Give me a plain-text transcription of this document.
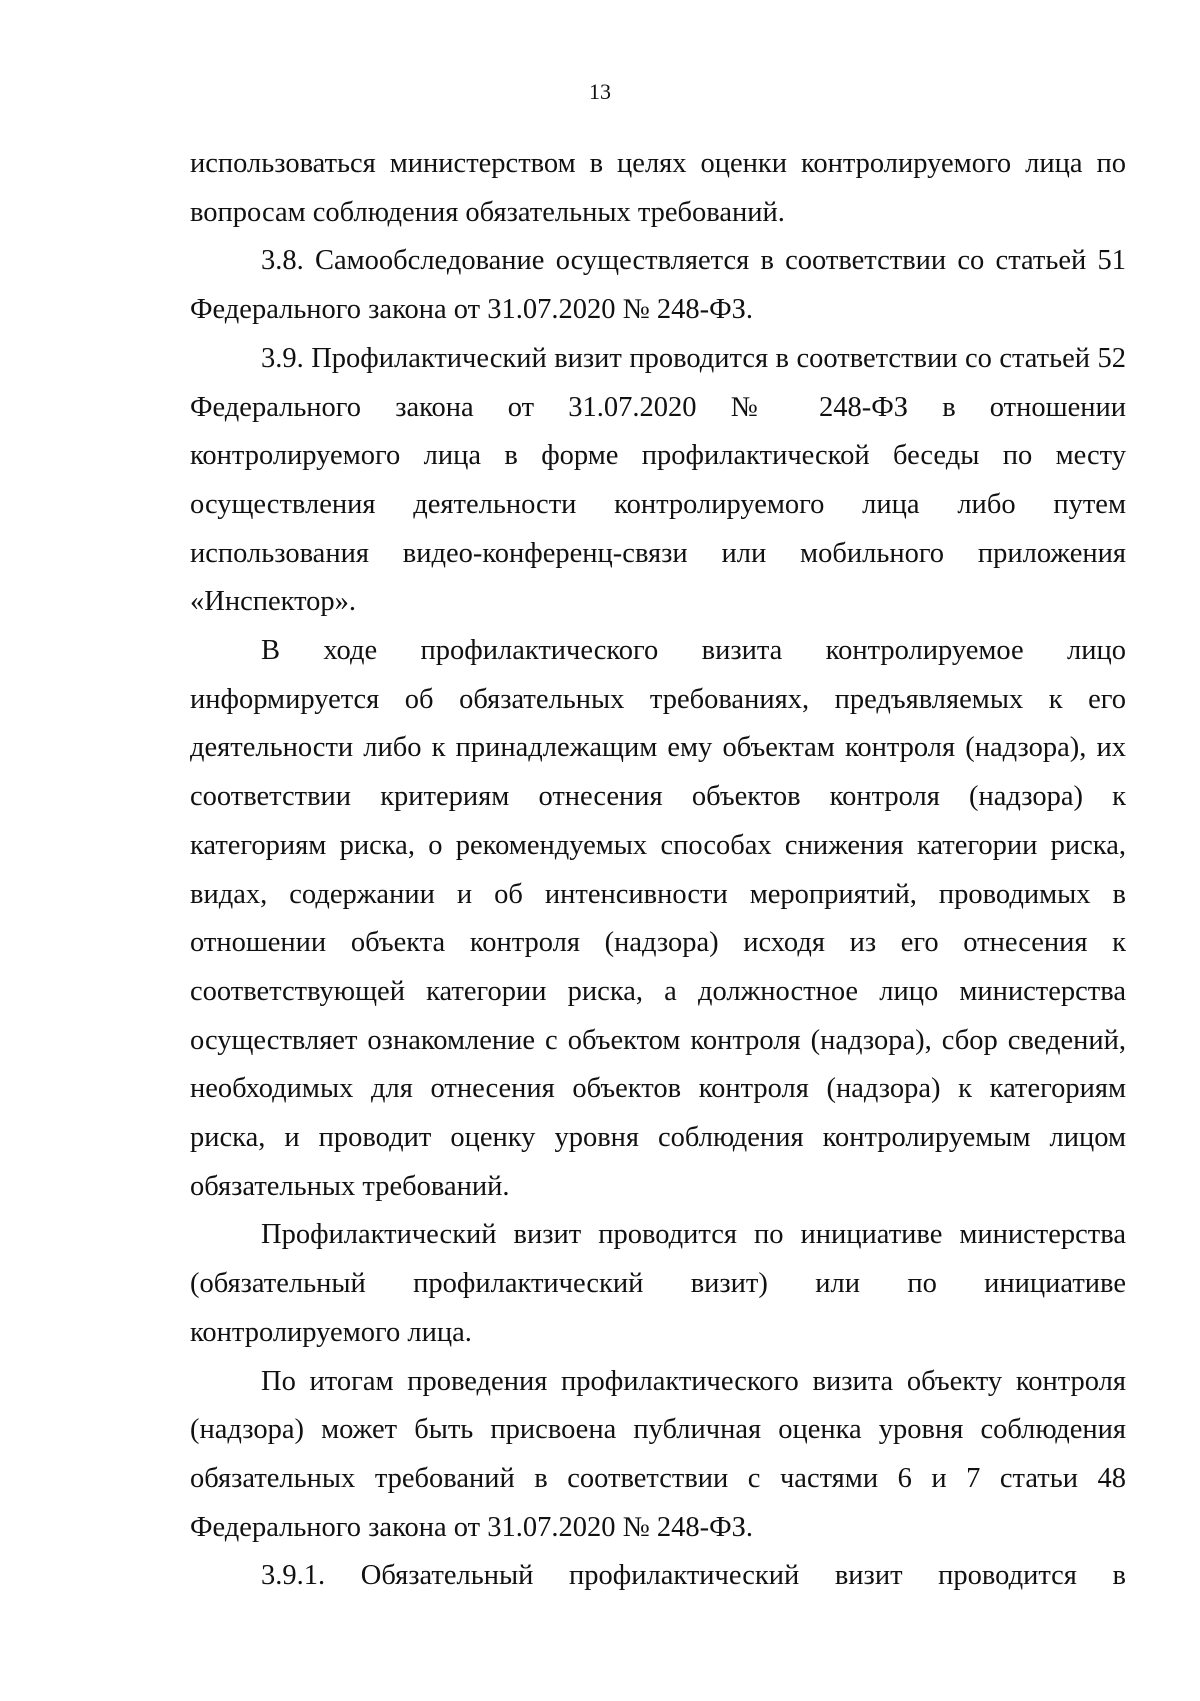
13

использоваться министерством в целях оценки контролируемого лица по вопросам соблюдения обязательных требований.

3.8. Самообследование осуществляется в соответствии со статьей 51 Федерального закона от 31.07.2020 № 248-ФЗ.

3.9. Профилактический визит проводится в соответствии со статьей 52 Федерального закона от 31.07.2020 № 248-ФЗ в отношении контролируемого лица в форме профилактической беседы по месту осуществления деятельности контролируемого лица либо путем использования видео-конференц-связи или мобильного приложения «Инспектор».

В ходе профилактического визита контролируемое лицо информируется об обязательных требованиях, предъявляемых к его деятельности либо к принадлежащим ему объектам контроля (надзора), их соответствии критериям отнесения объектов контроля (надзора) к категориям риска, о рекомендуемых способах снижения категории риска, видах, содержании и об интенсивности мероприятий, проводимых в отношении объекта контроля (надзора) исходя из его отнесения к соответствующей категории риска, а должностное лицо министерства осуществляет ознакомление с объектом контроля (надзора), сбор сведений, необходимых для отнесения объектов контроля (надзора) к категориям риска, и проводит оценку уровня соблюдения контролируемым лицом обязательных требований.

Профилактический визит проводится по инициативе министерства (обязательный профилактический визит) или по инициативе контролируемого лица.

По итогам проведения профилактического визита объекту контроля (надзора) может быть присвоена публичная оценка уровня соблюдения обязательных требований в соответствии с частями 6 и 7 статьи 48 Федерального закона от 31.07.2020 № 248-ФЗ.

3.9.1. Обязательный профилактический визит проводится в
